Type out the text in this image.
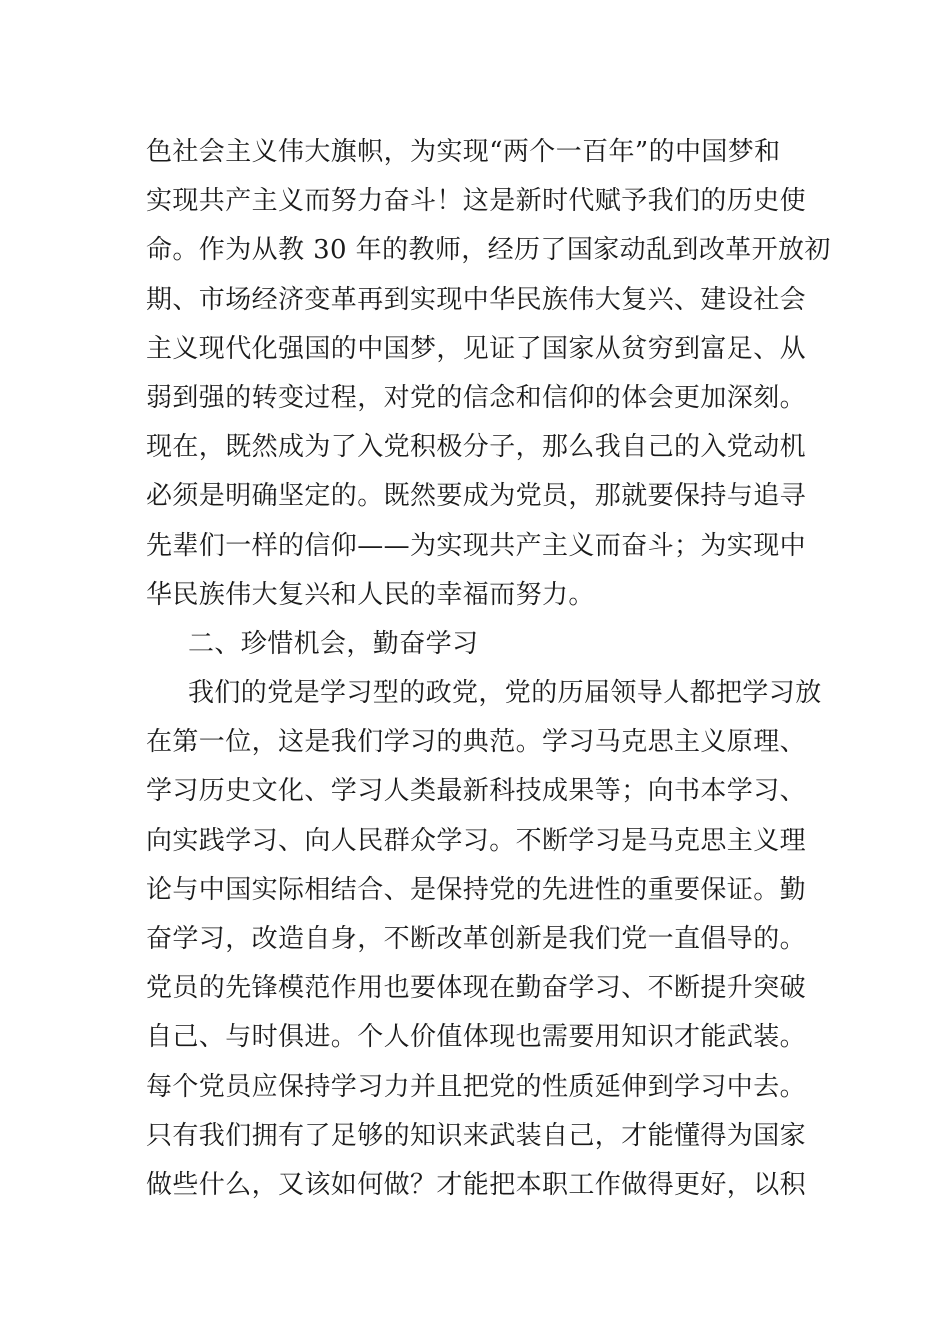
色社会主义伟大旗帜，为实现“两个一百年”的中国梦和
实现共产主义而努力奋斗！这是新时代赋予我们的历史使
命。作为从教 30 年的教师，经历了国家动乱到改革开放初
期、市场经济变革再到实现中华民族伟大复兴、建设社会
主义现代化强国的中国梦，见证了国家从贫穷到富足、从
弱到强的转变过程，对党的信念和信仰的体会更加深刻。
现在，既然成为了入党积极分子，那么我自己的入党动机
必须是明确坚定的。既然要成为党员，那就要保持与追寻
先辈们一样的信仰——为实现共产主义而奋斗；为实现中
华民族伟大复兴和人民的幸福而努力。
二、珍惜机会，勤奋学习
我们的党是学习型的政党，党的历届领导人都把学习放
在第一位，这是我们学习的典范。学习马克思主义原理、
学习历史文化、学习人类最新科技成果等；向书本学习、
向实践学习、向人民群众学习。不断学习是马克思主义理
论与中国实际相结合、是保持党的先进性的重要保证。勤
奋学习，改造自身，不断改革创新是我们党一直倡导的。
党员的先锋模范作用也要体现在勤奋学习、不断提升突破
自己、与时俱进。个人价值体现也需要用知识才能武装。
每个党员应保持学习力并且把党的性质延伸到学习中去。
只有我们拥有了足够的知识来武装自己，才能懂得为国家
做些什么，又该如何做？才能把本职工作做得更好，以积
